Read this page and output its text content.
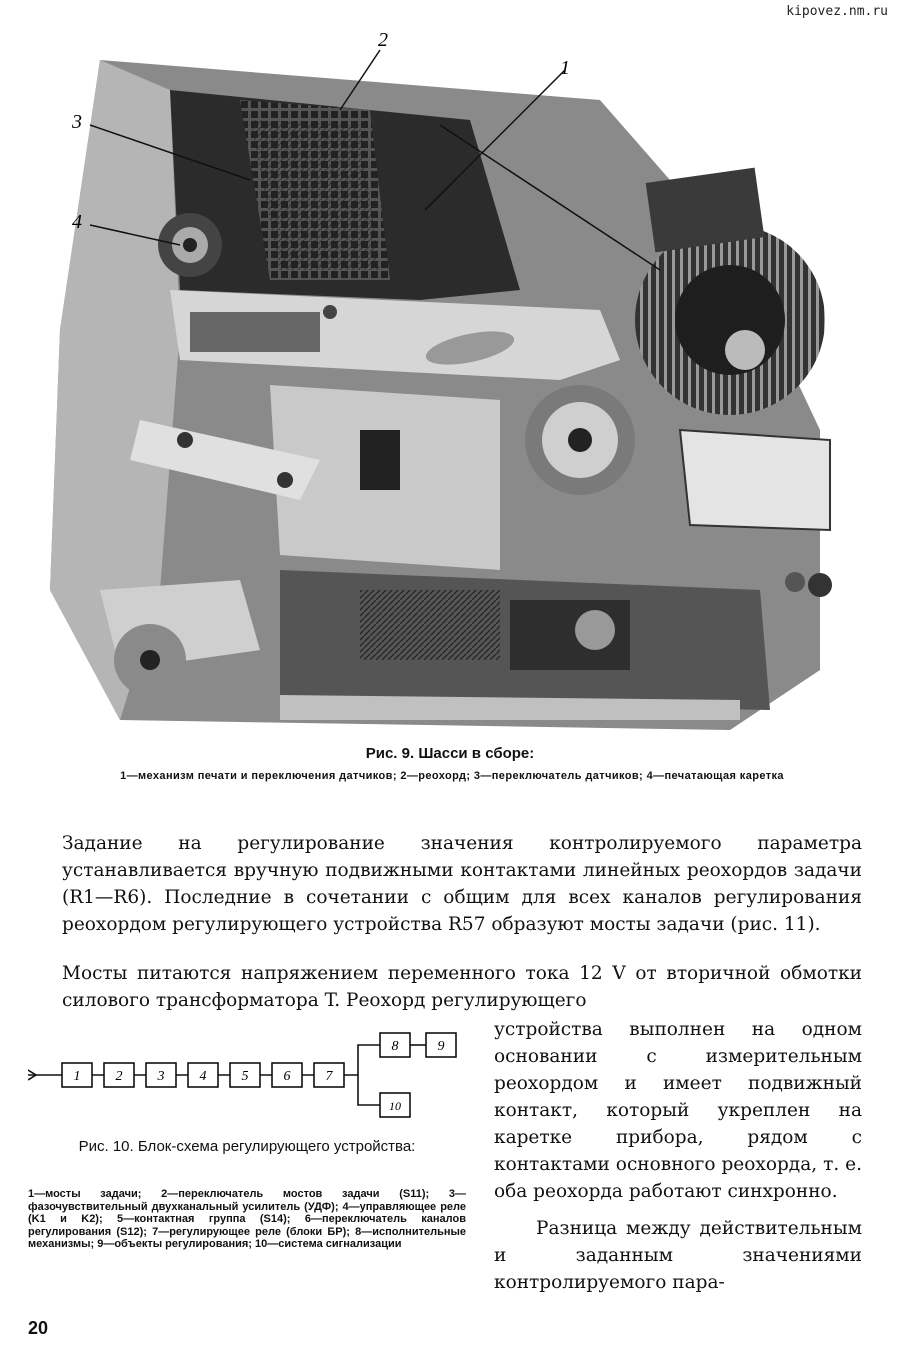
kipovez.nm.ru
2
1
3
4
Рис. 9. Шасси в сборе:
1—механизм печати и переключения датчиков; 2—реохорд; 3—переключатель датчиков; 4—печатающая каретка
Задание на регулирование значения контролируемого параметра устанавливается вручную подвижными контактами линейных реохордов задачи (R1—R6). Последние в сочетании с общим для всех каналов регулирования реохордом регулирующего устройства R57 образуют мосты задачи (рис. 11).
Мосты питаются напряжением переменного тока 12 V от вторичной обмотки силового трансформатора T. Реохорд регулирующего
1	2	3	4	5	6	7
8	9
10
Рис. 10. Блок-схема регулирующего устройства:
1—мосты задачи; 2—переключатель мостов задачи (S11); 3—фазочувствительный двухканальный усилитель (УДФ); 4—управляющее реле (K1 и K2); 5—контактная группа (S14); 6—переключатель каналов регулирования (S12); 7—регулирующее реле (блоки БР); 8—исполнительные механизмы; 9—объекты регулирования; 10—система сигнализации

устройства выполнен на одном основании с измерительным реохордом и имеет подвижный контакт, который укреплен на каретке прибора, рядом с контактами основного реохорда, т. е. оба реохорда работают синхронно.

Разница между действительным и заданным значениями контролируемого пара-

20
